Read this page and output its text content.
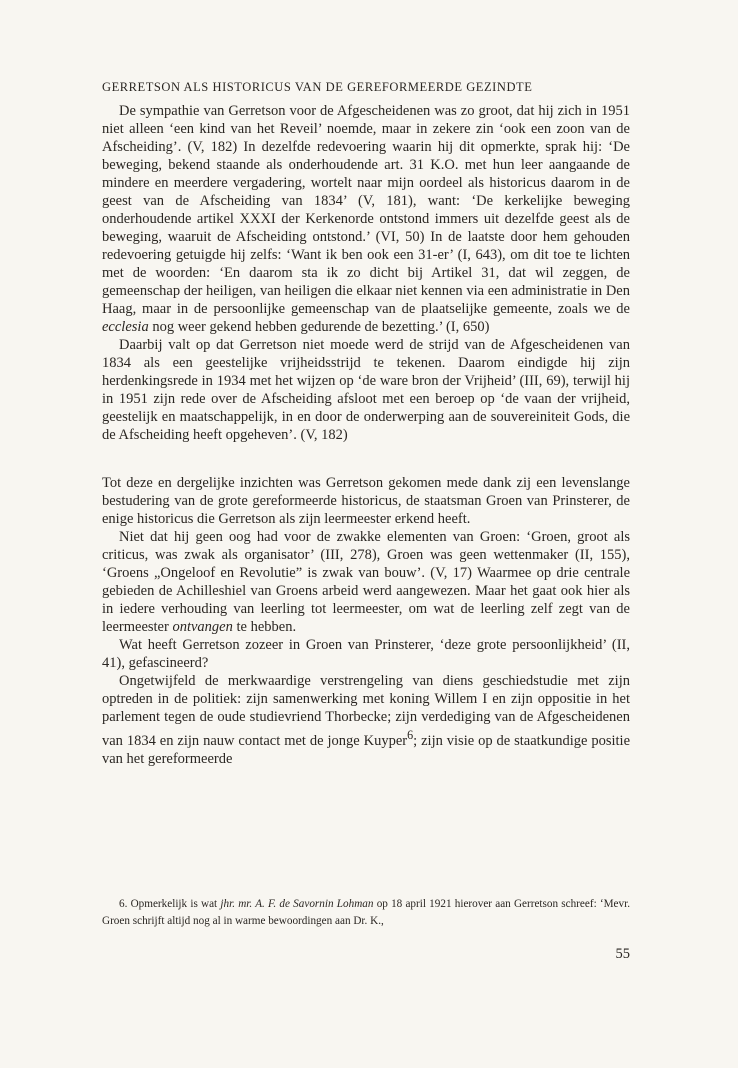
GERRETSON ALS HISTORICUS VAN DE GEREFORMEERDE GEZINDTE

De sympathie van Gerretson voor de Afgescheidenen was zo groot, dat hij zich in 1951 niet alleen ‘een kind van het Reveil’ noemde, maar in zekere zin ‘ook een zoon van de Afscheiding’. (V, 182) In dezelfde redevoering waarin hij dit opmerkte, sprak hij: ‘De beweging, bekend staande als onderhoudende art. 31 K.O. met hun leer aangaande de mindere en meerdere vergadering, wortelt naar mijn oordeel als historicus daarom in de geest van de Afscheiding van 1834’ (V, 181), want: ‘De kerkelijke beweging onderhoudende artikel XXXI der Kerkenorde ontstond immers uit dezelfde geest als de beweging, waaruit de Afscheiding ontstond.’ (VI, 50) In de laatste door hem gehouden redevoering getuigde hij zelfs: ‘Want ik ben ook een 31-er’ (I, 643), om dit toe te lichten met de woorden: ‘En daarom sta ik zo dicht bij Artikel 31, dat wil zeggen, de gemeenschap der heiligen, van heiligen die elkaar niet kennen via een administratie in Den Haag, maar in de persoonlijke gemeenschap van de plaatselijke gemeente, zoals we de ecclesia nog weer gekend hebben gedurende de bezetting.’ (I, 650)

Daarbij valt op dat Gerretson niet moede werd de strijd van de Afgescheidenen van 1834 als een geestelijke vrijheidsstrijd te tekenen. Daarom eindigde hij zijn herdenkingsrede in 1934 met het wijzen op ‘de ware bron der Vrijheid’ (III, 69), terwijl hij in 1951 zijn rede over de Afscheiding afsloot met een beroep op ‘de vaan der vrijheid, geestelijk en maatschappelijk, in en door de onderwerping aan de souvereiniteit Gods, die de Afscheiding heeft opgeheven’. (V, 182)

Tot deze en dergelijke inzichten was Gerretson gekomen mede dank zij een levenslange bestudering van de grote gereformeerde historicus, de staatsman Groen van Prinsterer, de enige historicus die Gerretson als zijn leermeester erkend heeft.

Niet dat hij geen oog had voor de zwakke elementen van Groen: ‘Groen, groot als criticus, was zwak als organisator’ (III, 278), Groen was geen wettenmaker (II, 155), ‘Groens „Ongeloof en Revolutie” is zwak van bouw’. (V, 17) Waarmee op drie centrale gebieden de Achilleshiel van Groens arbeid werd aangewezen. Maar het gaat ook hier als in iedere verhouding van leerling tot leermeester, om wat de leerling zelf zegt van de leermeester ontvangen te hebben.

Wat heeft Gerretson zozeer in Groen van Prinsterer, ‘deze grote persoonlijkheid’ (II, 41), gefascineerd?

Ongetwijfeld de merkwaardige verstrengeling van diens geschiedstudie met zijn optreden in de politiek: zijn samenwerking met koning Willem I en zijn oppositie in het parlement tegen de oude studievriend Thorbecke; zijn verdediging van de Afgescheidenen van 1834 en zijn nauw contact met de jonge Kuyper$^6$; zijn visie op de staatkundige positie van het gereformeerde

6. Opmerkelijk is wat jhr. mr. A. F. de Savornin Lohman op 18 april 1921 hierover aan Gerretson schreef: ‘Mevr. Groen schrijft altijd nog al in warme bewoordingen aan Dr. K.,

55
